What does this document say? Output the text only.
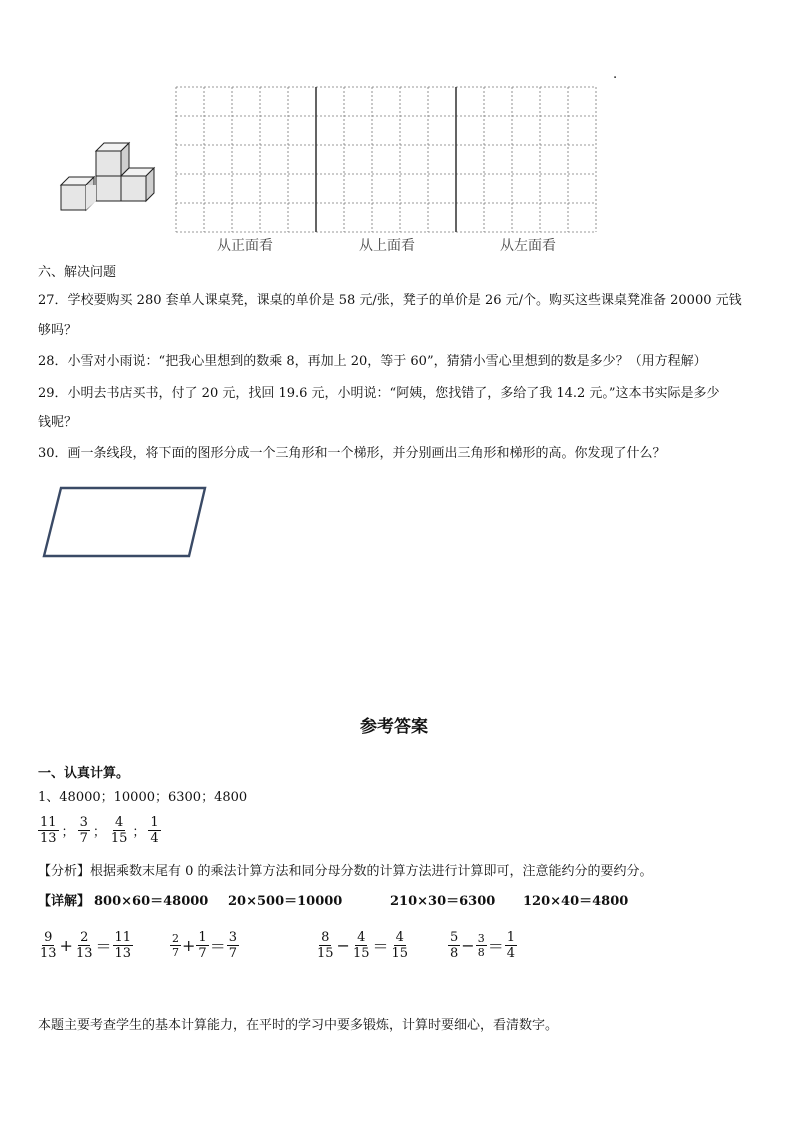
.
从正面看	从上面看	从左面看
六、解决问题
27．学校要购买 280 套单人课桌凳，课桌的单价是 58 元/张，凳子的单价是 26 元/个。购买这些课桌凳准备 20000 元钱
够吗？
28．小雪对小雨说：“把我心里想到的数乘 8，再加上 20，等于 60”，猜猜小雪心里想到的数是多少？（用方程解）
29．小明去书店买书，付了 20 元，找回 19.6 元，小明说：“阿姨，您找错了，多给了我 14.2 元。”这本书实际是多少
钱呢？
30．画一条线段，将下面的图形分成一个三角形和一个梯形，并分别画出三角形和梯形的高。你发现了什么？
参考答案
一、认真计算。
1、48000；10000；6300；4800
$\frac{11}{13}$ ； $\frac{3}{7}$ ； $\frac{4}{15}$ ； $\frac{1}{4}$
【分析】根据乘数末尾有 0 的乘法计算方法和同分母分数的计算方法进行计算即可，注意能约分的要约分。
【详解】 800×60＝48000 20×500＝10000	210×30＝6300 120×40＝4800
$\frac{9}{13} + \frac{2}{13} = \frac{11}{13}$	$\frac{2}{7} + \frac{1}{7} = \frac{3}{7}$	$\frac{8}{15} - \frac{4}{15} = \frac{4}{15}$	$\frac{5}{8} - \frac{3}{8} = \frac{1}{4}$
本题主要考查学生的基本计算能力，在平时的学习中要多锻炼，计算时要细心，看清数字。
